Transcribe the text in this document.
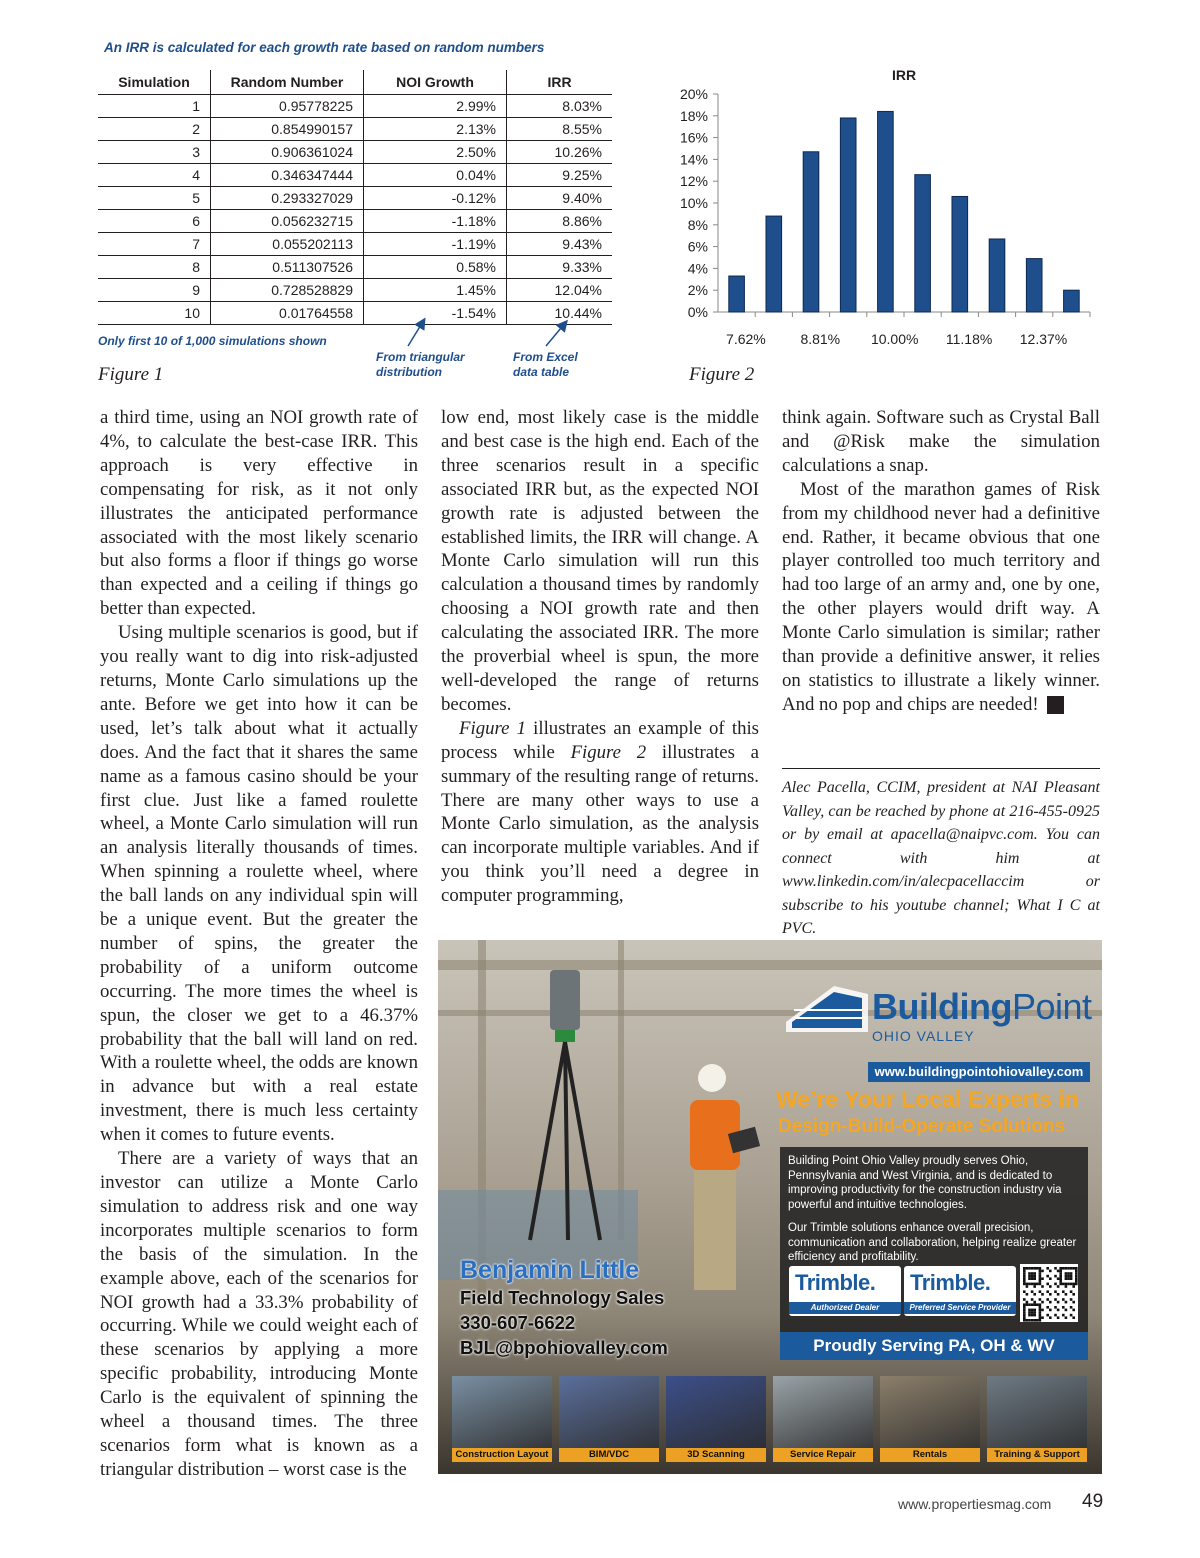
An IRR is calculated for each growth rate based on random numbers
Simulation	Random Number	NOI Growth	IRR
1	0.95778225	2.99%	8.03%
2	0.854990157	2.13%	8.55%
3	0.906361024	2.50%	10.26%
4	0.346347444	0.04%	9.25%
5	0.293327029	-0.12%	9.40%
6	0.056232715	-1.18%	8.86%
7	0.055202113	-1.19%	9.43%
8	0.511307526	0.58%	9.33%
9	0.728528829	1.45%	12.04%
10	0.01764558	-1.54%	10.44%
Only first 10 of 1,000 simulations shown
From triangular
distribution
From Excel
data table
Figure 1
IRR
0%
2%
4%
6%
8%
10%
12%
14%
16%
18%
20%
7.62% 8.81% 10.00% 11.18% 12.37%
Figure 2

a third time, using an NOI growth rate of 4%, to calculate the best-case IRR. This approach is very effective in compensating for risk, as it not only illustrates the anticipated performance associated with the most likely scenario but also forms a floor if things go worse than expected and a ceiling if things go better than expected.

Using multiple scenarios is good, but if you really want to dig into risk-adjusted returns, Monte Carlo simulations up the ante. Before we get into how it can be used, let’s talk about what it actually does. And the fact that it shares the same name as a famous casino should be your first clue. Just like a famed roulette wheel, a Monte Carlo simulation will run an analysis literally thousands of times. When spinning a roulette wheel, where the ball lands on any individual spin will be a unique event. But the greater the number of spins, the greater the probability of a uniform outcome occurring. The more times the wheel is spun, the closer we get to a 46.37% probability that the ball will land on red. With a roulette wheel, the odds are known in advance but with a real estate investment, there is much less certainty when it comes to future events.

There are a variety of ways that an investor can utilize a Monte Carlo simulation to address risk and one way incorporates multiple scenarios to form the basis of the simulation. In the example above, each of the scenarios for NOI growth had a 33.3% probability of occurring. While we could weight each of these scenarios by applying a more specific probability, introducing Monte Carlo is the equivalent of spinning the wheel a thousand times. The three scenarios form what is known as a triangular distribution – worst case is the

low end, most likely case is the middle and best case is the high end. Each of the three scenarios result in a specific associated IRR but, as the expected NOI growth rate is adjusted between the established limits, the IRR will change. A Monte Carlo simulation will run this calculation a thousand times by randomly choosing a NOI growth rate and then calculating the associated IRR. The more the proverbial wheel is spun, the more well-developed the range of returns becomes.

Figure 1 illustrates an example of this process while Figure 2 illustrates a summary of the resulting range of returns. There are many other ways to use a Monte Carlo simulation, as the analysis can incorporate multiple variables. And if you think you’ll need a degree in computer programming,

think again. Software such as Crystal Ball and @Risk make the simulation calculations a snap.

Most of the marathon games of Risk from my childhood never had a definitive end. Rather, it became obvious that one player controlled too much territory and had too large of an army and, one by one, the other players would drift way. A Monte Carlo simulation is similar; rather than provide a definitive answer, it relies on statistics to illustrate a likely winner. And no pop and chips are needed! P

Alec Pacella, CCIM, president at NAI Pleasant Valley, can be reached by phone at 216-455-0925 or by email at apacella@naipvc.com. You can connect with him at www.linkedin.com/in/alecpacellaccim or subscribe to his youtube channel; What I C at PVC.
BuildingPoint
OHIO VALLEY
www.buildingpointohiovalley.com
We’re Your Local Experts in
Design-Build-Operate Solutions
Building Point Ohio Valley proudly serves Ohio, Pennsylvania and West Virginia, and is dedicated to improving productivity for the construction industry via powerful and intuitive technologies.
Our Trimble solutions enhance overall precision, communication and collaboration, helping realize greater efficiency and profitability.
Trimble.
Authorized Dealer
Trimble.
Preferred Service Provider
Proudly Serving PA, OH & WV
Benjamin Little
Field Technology Sales
330-607-6622
BJL@bpohiovalley.com
Construction Layout	BIM/VDC	3D Scanning	Service Repair	Rentals	Training & Support
www.propertiesmag.com 49
